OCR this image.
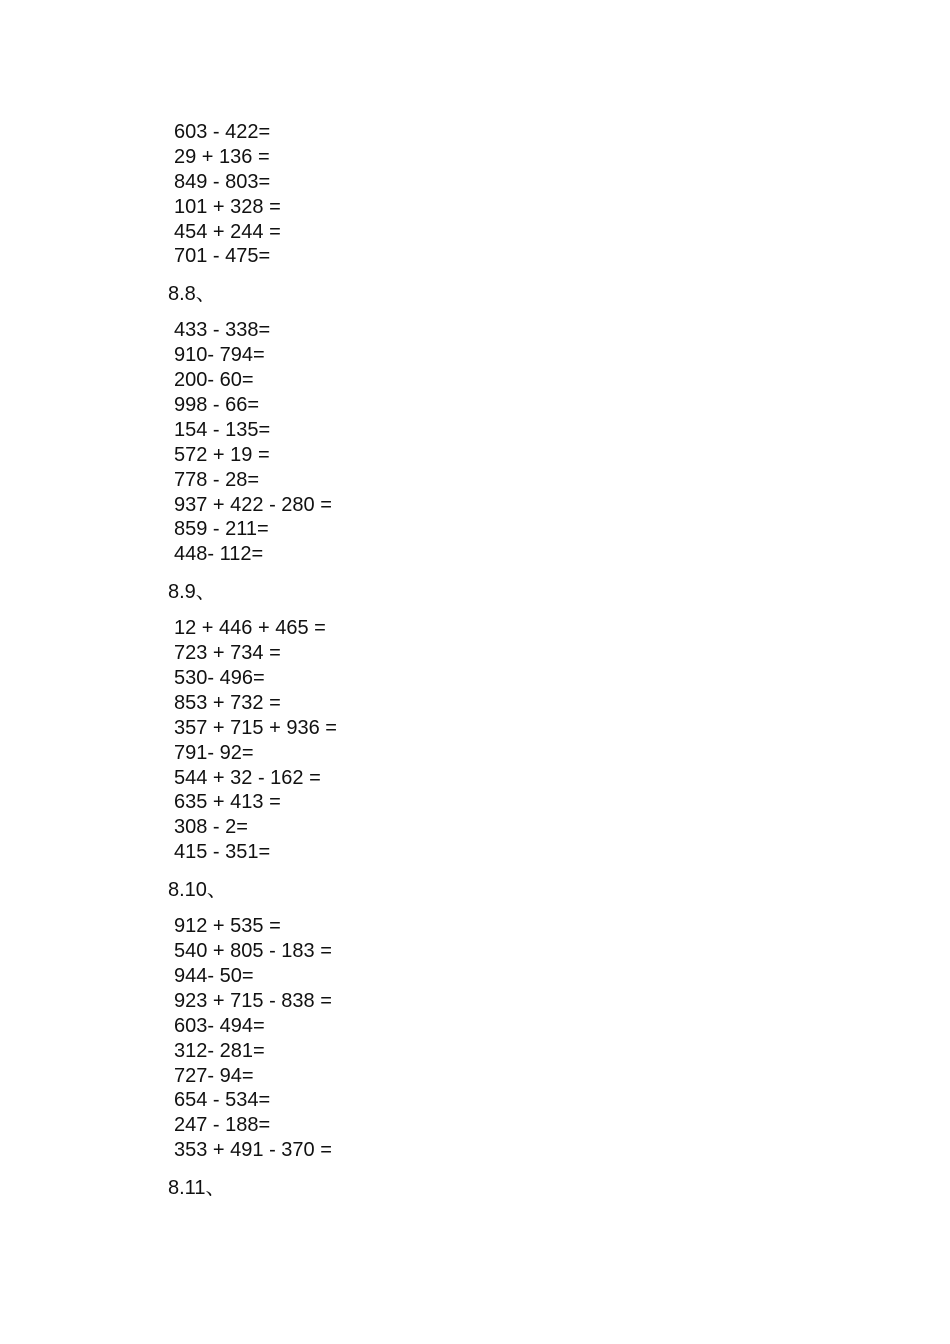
603 - 422=
29 + 136 =
849 - 803=
101 + 328 =
454 + 244 =
701 - 475=
8.8、
433 - 338=
910- 794=
200- 60=
998 - 66=
154 - 135=
572 + 19 =
778 - 28=
937 + 422 - 280 =
859 - 211=
448- 112=
8.9、
12 + 446 + 465 =
723 + 734 =
530- 496=
853 + 732 =
357 + 715 + 936 =
791- 92=
544 + 32 - 162 =
635 + 413 =
308 - 2=
415 - 351=
8.10、
912 + 535 =
540 + 805 - 183 =
944- 50=
923 + 715 - 838 =
603- 494=
312- 281=
727- 94=
654 - 534=
247 - 188=
353 + 491 - 370 =
8.11、
